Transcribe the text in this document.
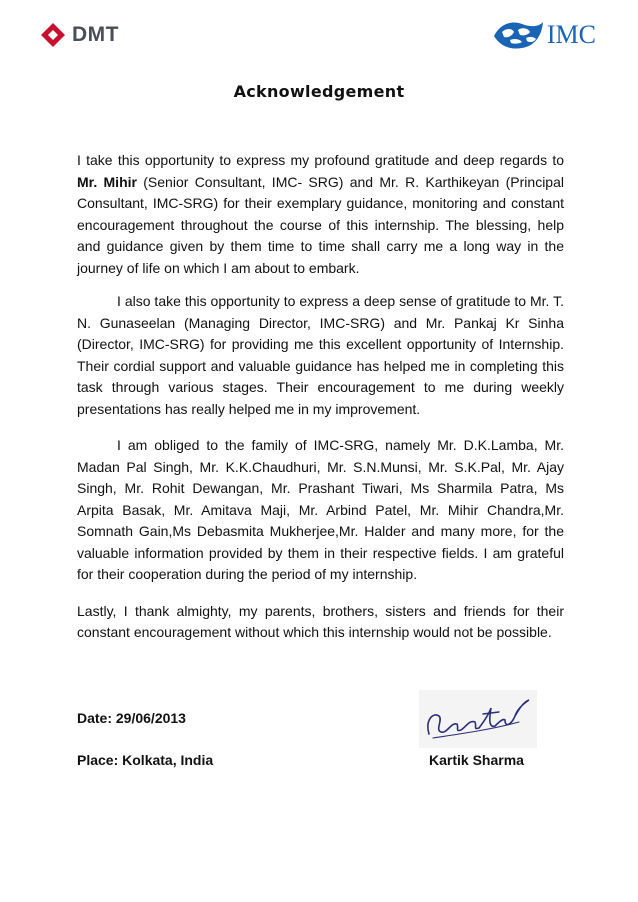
DMT	IMC
Acknowledgement

I take this opportunity to express my profound gratitude and deep regards to Mr. Mihir (Senior Consultant, IMC- SRG) and Mr. R. Karthikeyan (Principal Consultant, IMC-SRG) for their exemplary guidance, monitoring and constant encouragement throughout the course of this internship. The blessing, help and guidance given by them time to time shall carry me a long way in the journey of life on which I am about to embark.

I also take this opportunity to express a deep sense of gratitude to Mr. T. N. Gunaseelan (Managing Director, IMC-SRG) and Mr. Pankaj Kr Sinha (Director, IMC-SRG) for providing me this excellent opportunity of Internship. Their cordial support and valuable guidance has helped me in completing this task through various stages. Their encouragement to me during weekly presentations has really helped me in my improvement.

I am obliged to the family of IMC-SRG, namely Mr. D.K.Lamba, Mr. Madan Pal Singh, Mr. K.K.Chaudhuri, Mr. S.N.Munsi, Mr. S.K.Pal, Mr. Ajay Singh, Mr. Rohit Dewangan, Mr. Prashant Tiwari, Ms Sharmila Patra, Ms Arpita Basak, Mr. Amitava Maji, Mr. Arbind Patel, Mr. Mihir Chandra,Mr. Somnath Gain,Ms Debasmita Mukherjee,Mr. Halder and many more, for the valuable information provided by them in their respective fields. I am grateful for their cooperation during the period of my internship.

Lastly, I thank almighty, my parents, brothers, sisters and friends for their constant encouragement without which this internship would not be possible.

Date: 29/06/2013
Place: Kolkata, India	Kartik Sharma
